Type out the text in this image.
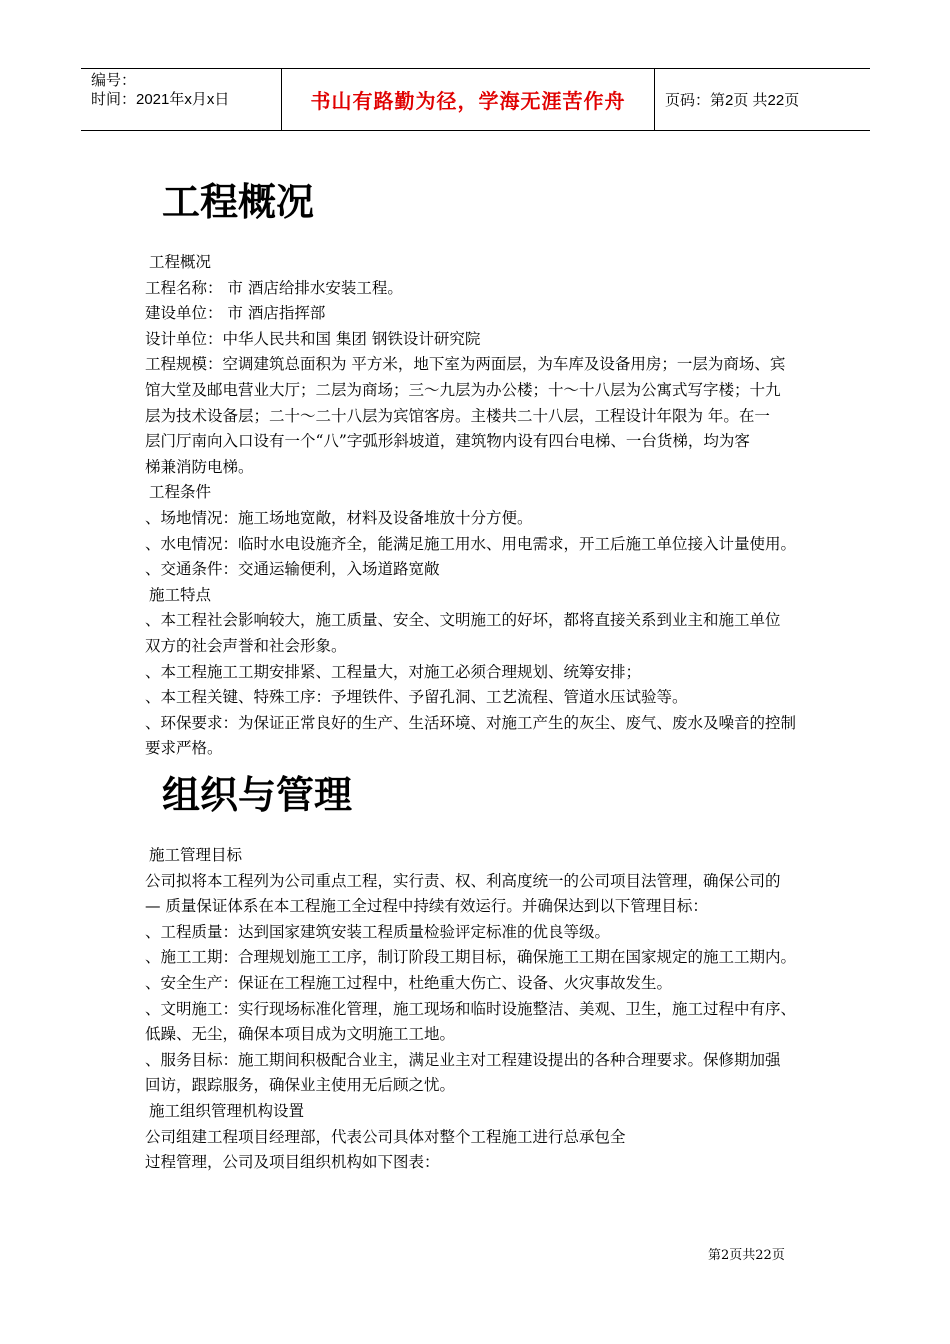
编号：
时间：2021年x月x日	书山有路勤为径，学海无涯苦作舟	页码：第2页 共22页
工程概况

工程概况

工程名称： 市 酒店给排水安装工程。

建设单位： 市 酒店指挥部

设计单位：中华人民共和国 集团 钢铁设计研究院

工程规模：空调建筑总面积为 平方米，地下室为两面层，为车库及设备用房；一层为商场、宾

馆大堂及邮电营业大厅；二层为商场；三～九层为办公楼；十～十八层为公寓式写字楼；十九

层为技术设备层；二十～二十八层为宾馆客房。主楼共二十八层，工程设计年限为 年。在一

层门厅南向入口设有一个“八”字弧形斜坡道，建筑物内设有四台电梯、一台货梯，均为客

梯兼消防电梯。

工程条件

、场地情况：施工场地宽敞，材料及设备堆放十分方便。

、水电情况：临时水电设施齐全，能满足施工用水、用电需求，开工后施工单位接入计量使用。

、交通条件：交通运输便利，入场道路宽敞

施工特点

、本工程社会影响较大，施工质量、安全、文明施工的好坏，都将直接关系到业主和施工单位

双方的社会声誉和社会形象。

、本工程施工工期安排紧、工程量大，对施工必须合理规划、统筹安排；

、本工程关键、特殊工序：予埋铁件、予留孔洞、工艺流程、管道水压试验等。

、环保要求：为保证正常良好的生产、生活环境、对施工产生的灰尘、废气、废水及噪音的控制

要求严格。

组织与管理

施工管理目标

公司拟将本工程列为公司重点工程，实行责、权、利高度统一的公司项目法管理，确保公司的

— 质量保证体系在本工程施工全过程中持续有效运行。并确保达到以下管理目标：

、工程质量：达到国家建筑安装工程质量检验评定标准的优良等级。

、施工工期：合理规划施工工序，制订阶段工期目标，确保施工工期在国家规定的施工工期内。

、安全生产：保证在工程施工过程中，杜绝重大伤亡、设备、火灾事故发生。

、文明施工：实行现场标准化管理，施工现场和临时设施整洁、美观、卫生，施工过程中有序、

低躁、无尘，确保本项目成为文明施工工地。

、服务目标：施工期间积极配合业主，满足业主对工程建设提出的各种合理要求。保修期加强

回访，跟踪服务，确保业主使用无后顾之忧。

施工组织管理机构设置

公司组建工程项目经理部，代表公司具体对整个工程施工进行总承包全

过程管理，公司及项目组织机构如下图表：

第2页共22页
